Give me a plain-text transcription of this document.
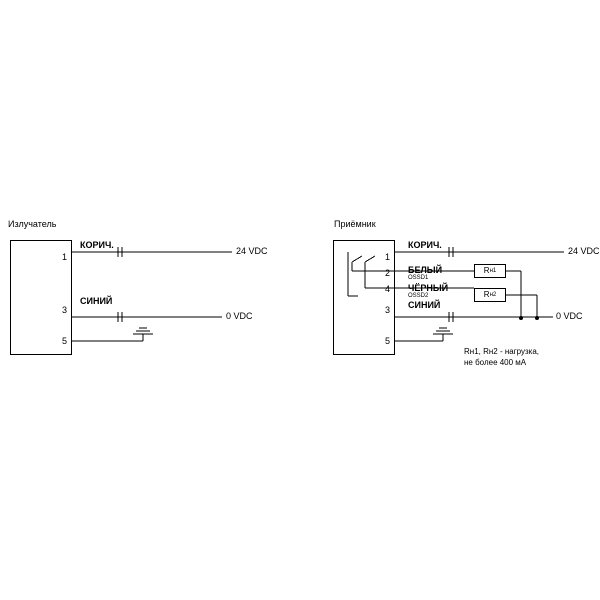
Излучатель
1
3
5
КОРИЧ.
СИНИЙ
24 VDC
0 VDC
Приёмник
1
2
4
3
5
КОРИЧ.
БЕЛЫЙ
OSSD1
ЧЁРНЫЙ
OSSD2
СИНИЙ
24 VDC
0 VDC
R н1
R н2
Rн1, Rн2 - нагрузка,
не более 400 мА
